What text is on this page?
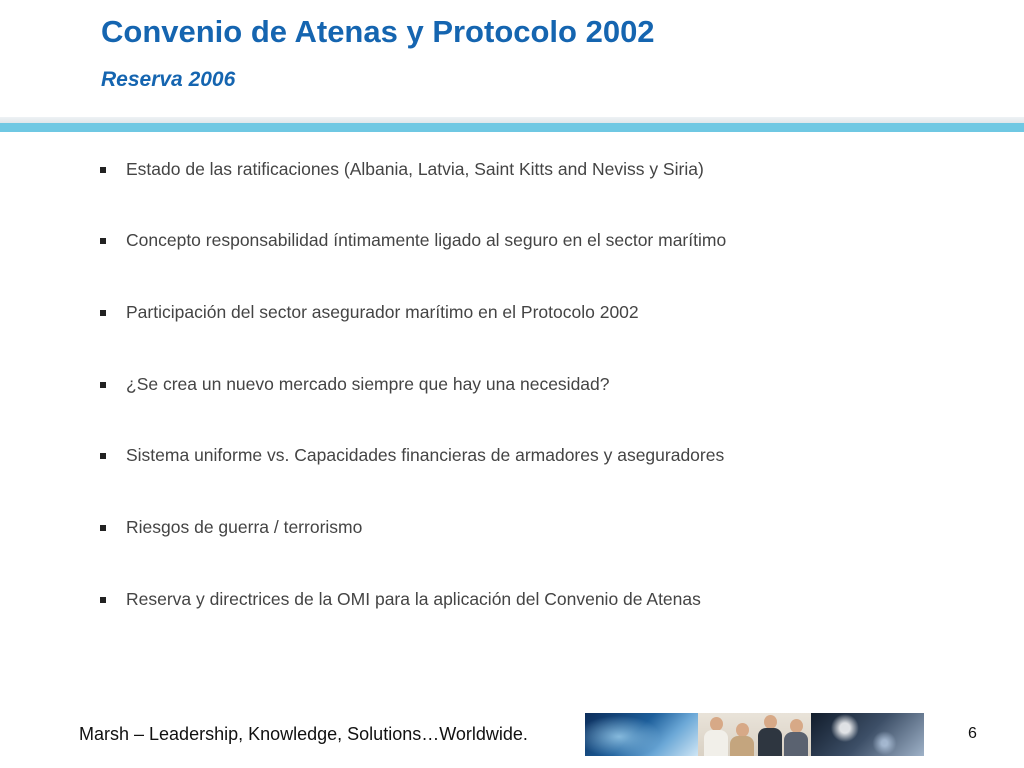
Convenio de Atenas y Protocolo 2002
Reserva 2006
Estado de las ratificaciones (Albania, Latvia, Saint Kitts and Neviss y Siria)
Concepto responsabilidad íntimamente ligado al seguro en el sector marítimo
Participación del sector asegurador marítimo en el Protocolo 2002
¿Se crea un nuevo mercado siempre que hay una necesidad?
Sistema uniforme vs. Capacidades financieras de armadores y aseguradores
Riesgos de guerra / terrorismo
Reserva y directrices de la OMI para la aplicación del Convenio de Atenas
Marsh – Leadership, Knowledge, Solutions…Worldwide.	6
